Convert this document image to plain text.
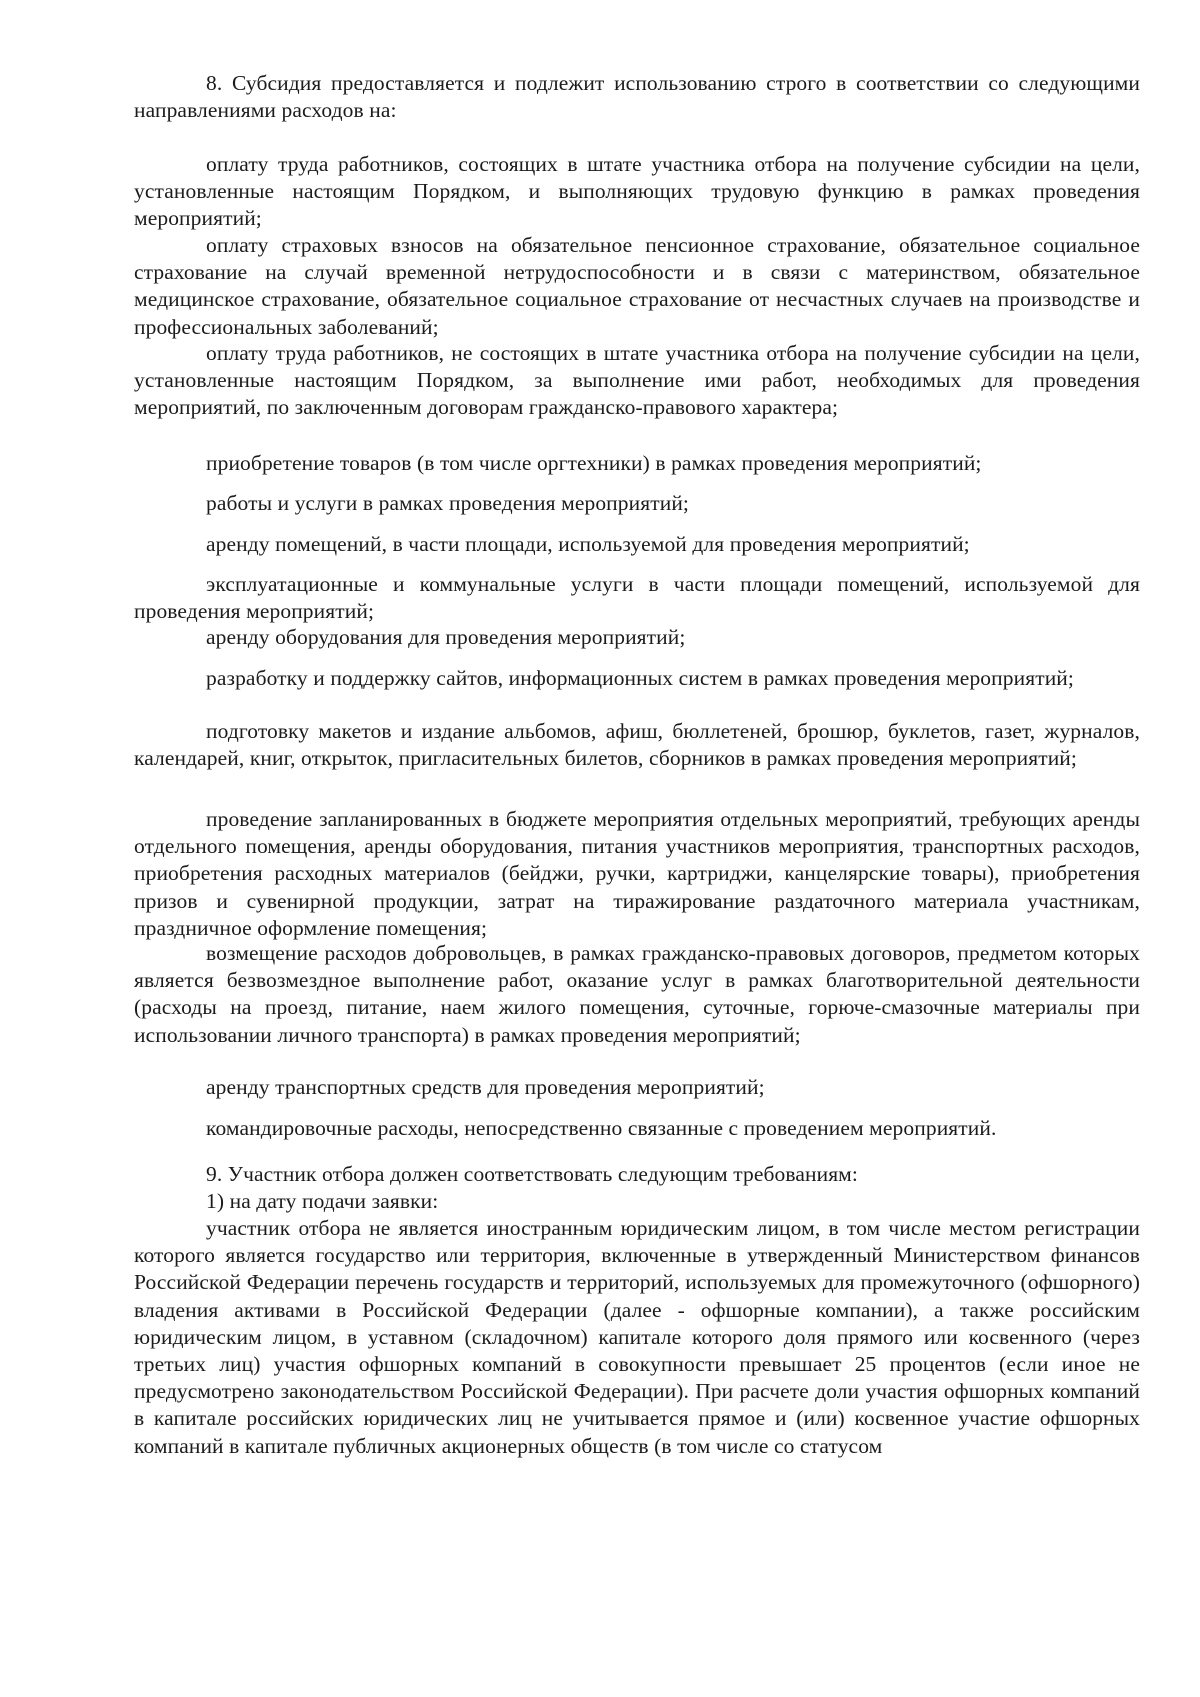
8. Субсидия предоставляется и подлежит использованию строго в соответствии со следующими направлениями расходов на:

оплату труда работников, состоящих в штате участника отбора на получение субсидии на цели, установленные настоящим Порядком, и выполняющих трудовую функцию в рамках проведения мероприятий;

оплату страховых взносов на обязательное пенсионное страхование, обязательное социальное страхование на случай временной нетрудоспособности и в связи с материнством, обязательное медицинское страхование, обязательное социальное страхование от несчастных случаев на производстве и профессиональных заболеваний;

оплату труда работников, не состоящих в штате участника отбора на получение субсидии на цели, установленные настоящим Порядком, за выполнение ими работ, необходимых для проведения мероприятий, по заключенным договорам гражданско-правового характера;

приобретение товаров (в том числе оргтехники) в рамках проведения мероприятий;

работы и услуги в рамках проведения мероприятий;

аренду помещений, в части площади, используемой для проведения мероприятий;

эксплуатационные и коммунальные услуги в части площади помещений, используемой для проведения мероприятий;

аренду оборудования для проведения мероприятий;

разработку и поддержку сайтов, информационных систем в рамках проведения мероприятий;

подготовку макетов и издание альбомов, афиш, бюллетеней, брошюр, буклетов, газет, журналов, календарей, книг, открыток, пригласительных билетов, сборников в рамках проведения мероприятий;

проведение запланированных в бюджете мероприятия отдельных мероприятий, требующих аренды отдельного помещения, аренды оборудования, питания участников мероприятия, транспортных расходов, приобретения расходных материалов (бейджи, ручки, картриджи, канцелярские товары), приобретения призов и сувенирной продукции, затрат на тиражирование раздаточного материала участникам, праздничное оформление помещения;

возмещение расходов добровольцев, в рамках гражданско-правовых договоров, предметом которых является безвозмездное выполнение работ, оказание услуг в рамках благотворительной деятельности (расходы на проезд, питание, наем жилого помещения, суточные, горюче-смазочные материалы при использовании личного транспорта) в рамках проведения мероприятий;

аренду транспортных средств для проведения мероприятий;

командировочные расходы, непосредственно связанные с проведением мероприятий.

9. Участник отбора должен соответствовать следующим требованиям:

1) на дату подачи заявки:

участник отбора не является иностранным юридическим лицом, в том числе местом регистрации которого является государство или территория, включенные в утвержденный Министерством финансов Российской Федерации перечень государств и территорий, используемых для промежуточного (офшорного) владения активами в Российской Федерации (далее - офшорные компании), а также российским юридическим лицом, в уставном (складочном) капитале которого доля прямого или косвенного (через третьих лиц) участия офшорных компаний в совокупности превышает 25 процентов (если иное не предусмотрено законодательством Российской Федерации). При расчете доли участия офшорных компаний в капитале российских юридических лиц не учитывается прямое и (или) косвенное участие офшорных компаний в капитале публичных акционерных обществ (в том числе со статусом
